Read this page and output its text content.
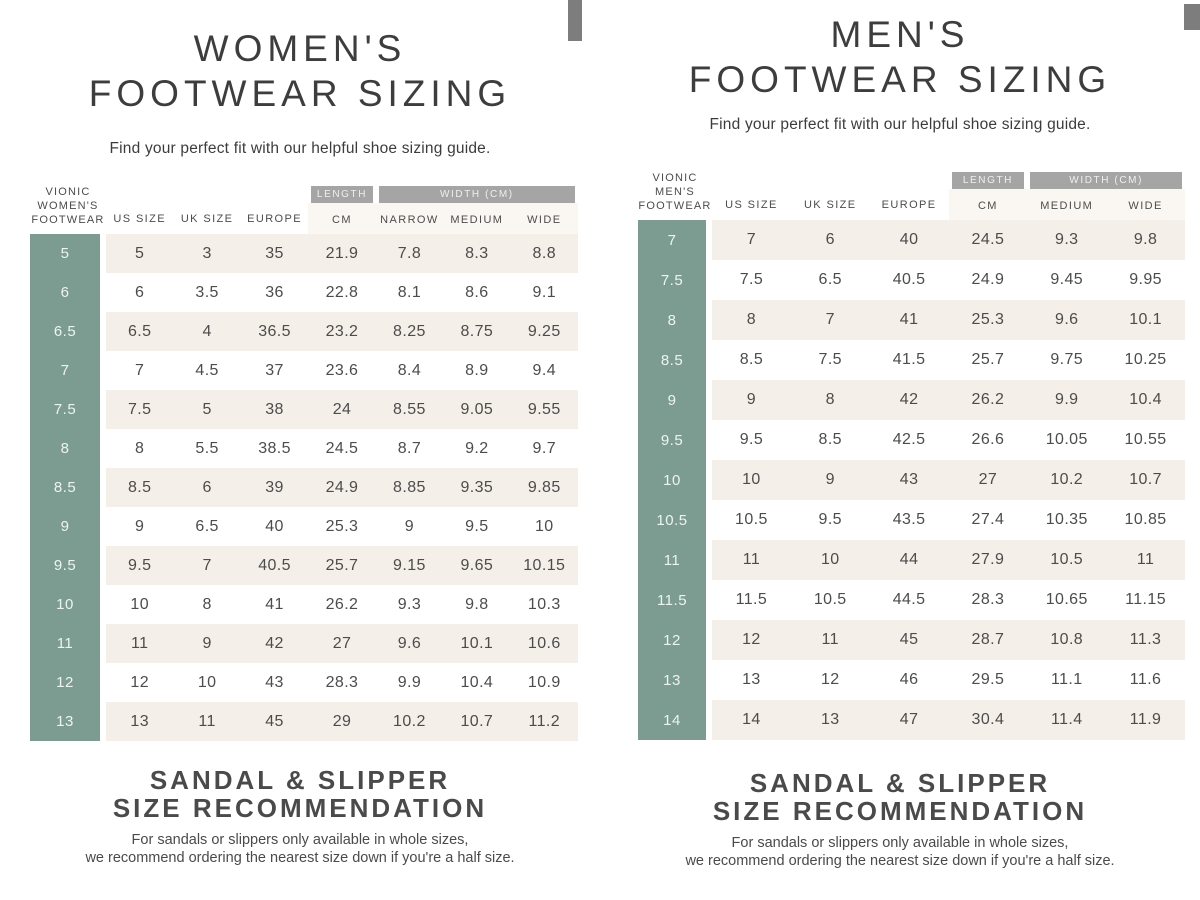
WOMEN'S
FOOTWEAR SIZING

Find your perfect fit with our helpful shoe sizing guide.

VIONIC
WOMEN'S
FOOTWEAR US SIZE	UK SIZE	EUROPE
LENGTH	WIDTH (CM)
CM	NARROW	MEDIUM	WIDE
5	5	3	35	21.9	7.8	8.3	8.8
6	6	3.5	36	22.8	8.1	8.6	9.1
6.5	6.5	4	36.5	23.2	8.25	8.75	9.25
7	7	4.5	37	23.6	8.4	8.9	9.4
7.5	7.5	5	38	24	8.55	9.05	9.55
8	8	5.5	38.5	24.5	8.7	9.2	9.7
8.5	8.5	6	39	24.9	8.85	9.35	9.85
9	9	6.5	40	25.3	9	9.5	10
9.5	9.5	7	40.5	25.7	9.15	9.65	10.15
10	10	8	41	26.2	9.3	9.8	10.3
11	11	9	42	27	9.6	10.1	10.6
12	12	10	43	28.3	9.9	10.4	10.9
13	13	11	45	29	10.2	10.7	11.2
SANDAL & SLIPPER
SIZE RECOMMENDATION

For sandals or slippers only available in whole sizes,
we recommend ordering the nearest size down if you're a half size.

MEN'S
FOOTWEAR SIZING

Find your perfect fit with our helpful shoe sizing guide.

VIONIC
MEN'S
FOOTWEAR	US SIZE	UK SIZE	EUROPE
LENGTH	WIDTH (CM)
CM	MEDIUM	WIDE
7	7	6	40	24.5	9.3	9.8
7.5	7.5	6.5	40.5	24.9	9.45	9.95
8	8	7	41	25.3	9.6	10.1
8.5	8.5	7.5	41.5	25.7	9.75	10.25
9	9	8	42	26.2	9.9	10.4
9.5	9.5	8.5	42.5	26.6	10.05	10.55
10	10	9	43	27	10.2	10.7
10.5	10.5	9.5	43.5	27.4	10.35	10.85
11	11	10	44	27.9	10.5	11
11.5	11.5	10.5	44.5	28.3	10.65	11.15
12	12	11	45	28.7	10.8	11.3
13	13	12	46	29.5	11.1	11.6
14	14	13	47	30.4	11.4	11.9
SANDAL & SLIPPER
SIZE RECOMMENDATION

For sandals or slippers only available in whole sizes,
we recommend ordering the nearest size down if you're a half size.
